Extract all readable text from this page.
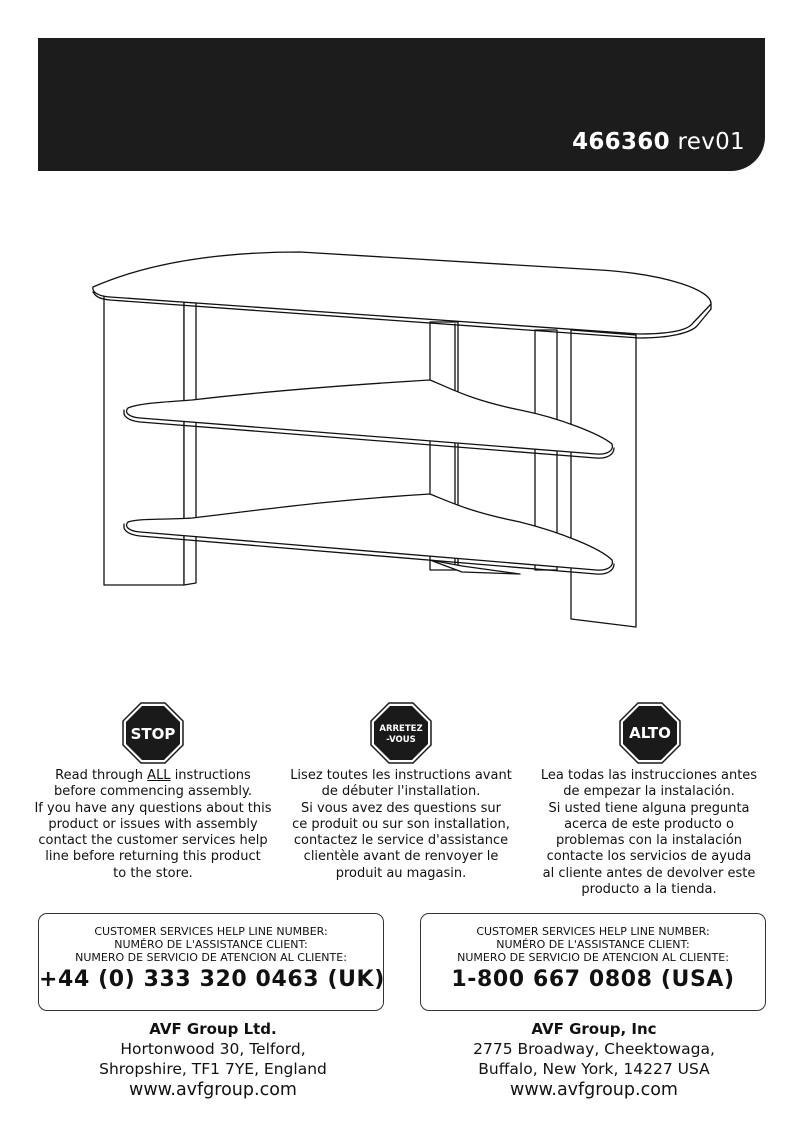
466360 rev01
STOP	ARRETEZ
-VOUS	ALTO
Read through ALL instructions
before commencing assembly.
If you have any questions about this
product or issues with assembly
contact the customer services help
line before returning this product
to the store.
Lisez toutes les instructions avant
de débuter l'installation.
Si vous avez des questions sur
ce produit ou sur son installation,
contactez le service d'assistance
clientèle avant de renvoyer le
produit au magasin.
Lea todas las instrucciones antes
de empezar la instalación.
Si usted tiene alguna pregunta
acerca de este producto o
problemas con la instalación
contacte los servicios de ayuda
al cliente antes de devolver este
producto a la tienda.
CUSTOMER SERVICES HELP LINE NUMBER:
NUMÉRO DE L'ASSISTANCE CLIENT:
NUMERO DE SERVICIO DE ATENCION AL CLIENTE:
+44 (0) 333 320 0463 (UK)
CUSTOMER SERVICES HELP LINE NUMBER:
NUMÉRO DE L'ASSISTANCE CLIENT:
NUMERO DE SERVICIO DE ATENCION AL CLIENTE:
1-800 667 0808 (USA)
AVF Group Ltd.
Hortonwood 30, Telford,
Shropshire, TF1 7YE, England
www.avfgroup.com
AVF Group, Inc
2775 Broadway, Cheektowaga,
Buffalo, New York, 14227 USA
www.avfgroup.com
